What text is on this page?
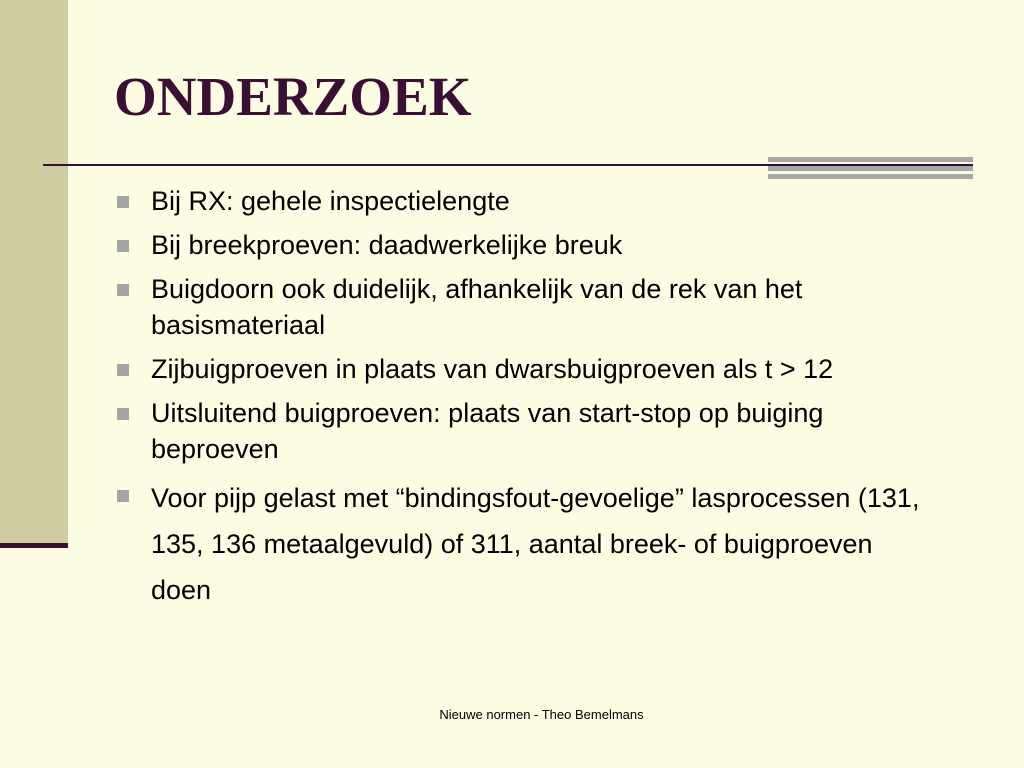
ONDERZOEK
Bij RX: gehele inspectielengte
Bij breekproeven: daadwerkelijke breuk
Buigdoorn ook duidelijk, afhankelijk van de rek van het basismateriaal
Zijbuigproeven in plaats van dwarsbuigproeven als t > 12
Uitsluitend buigproeven: plaats van start-stop op buiging beproeven
Voor pijp gelast met “bindingsfout-gevoelige” lasprocessen (131, 135, 136 metaalgevuld) of 311, aantal breek- of buigproeven doen
Nieuwe normen - Theo Bemelmans
